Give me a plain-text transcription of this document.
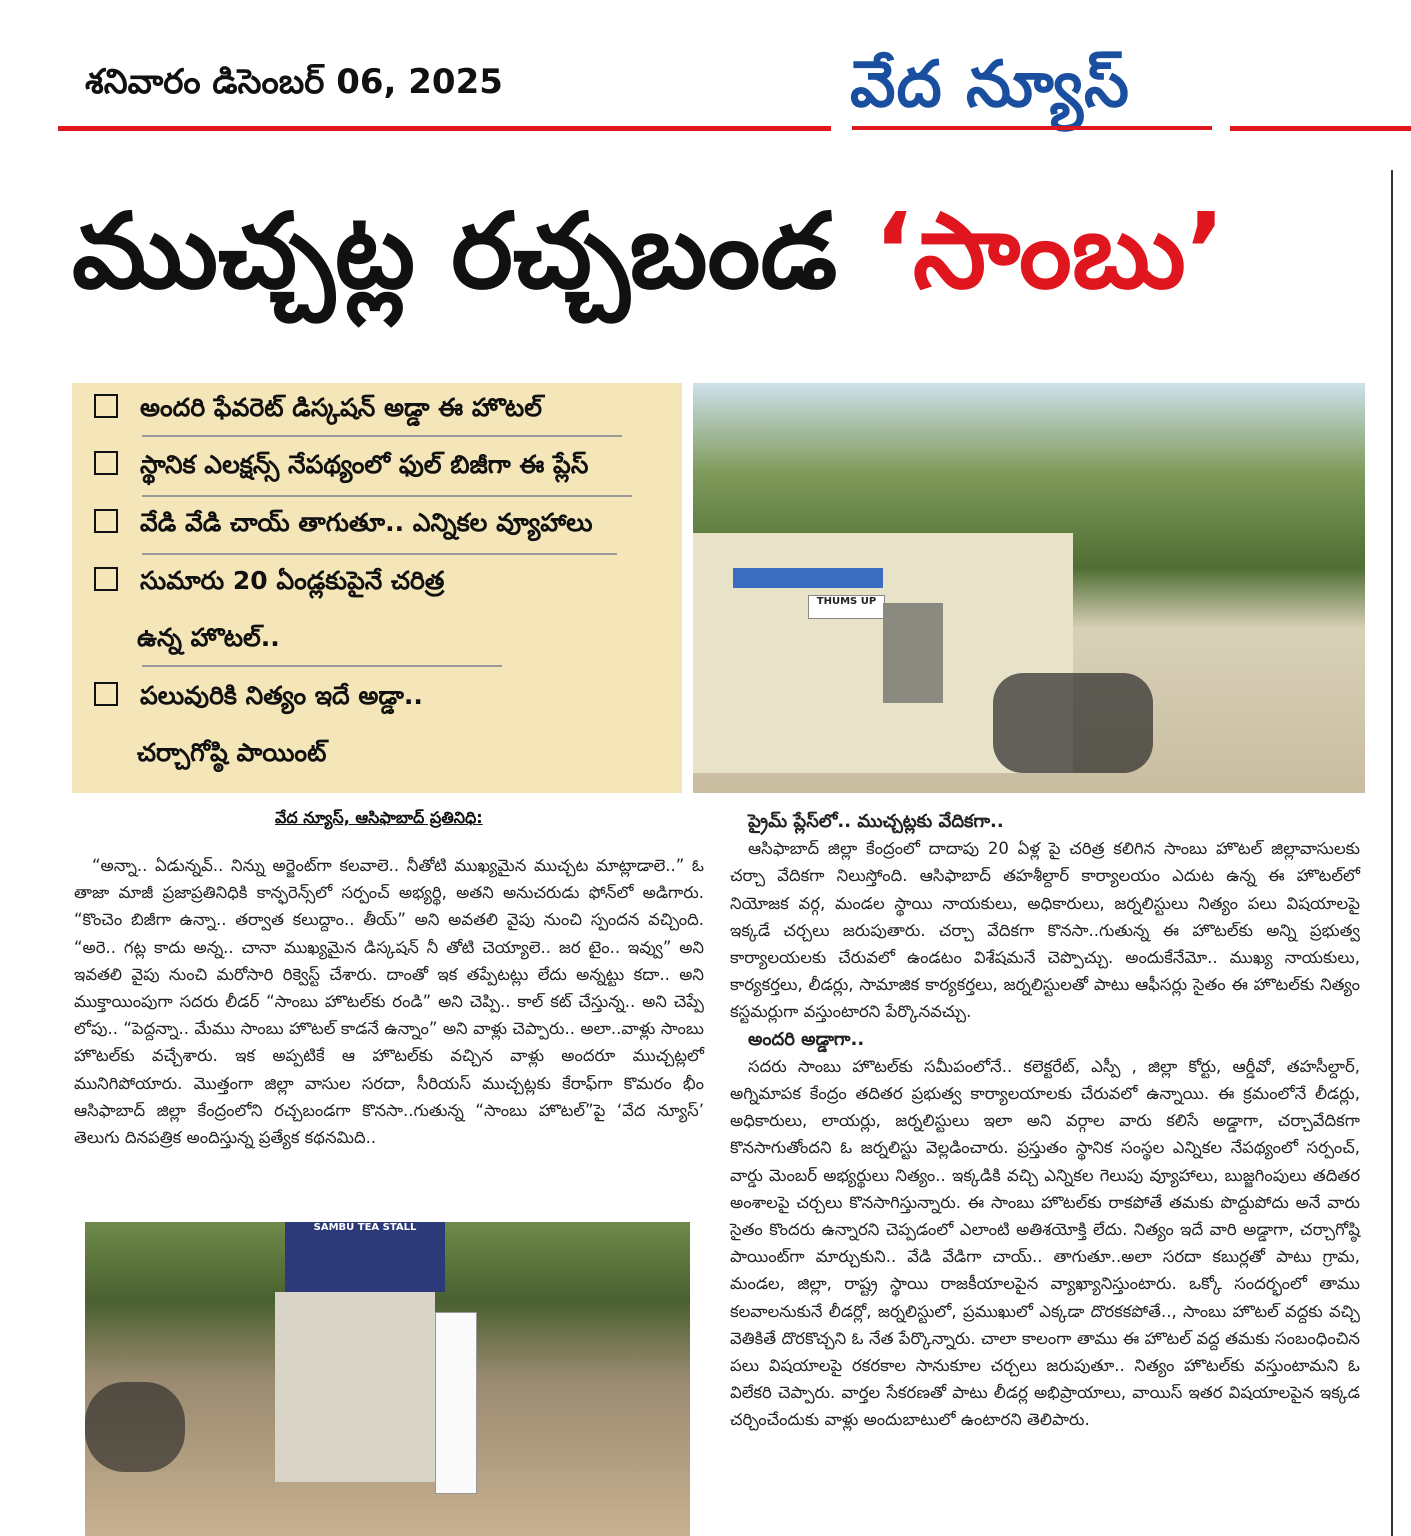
శనివారం డిసెంబర్ 06, 2025	వేద న్యూస్
ముచ్చట్ల రచ్చబండ ‘సాంబు’
అందరి ఫేవరెట్ డిస్కషన్ అడ్డా ఈ హొటల్
స్థానిక ఎలక్షన్స్ నేపథ్యంలో ఫుల్ బిజీగా ఈ ప్లేస్
వేడి వేడి చాయ్ తాగుతూ.. ఎన్నికల వ్యూహాలు
సుమారు 20 ఏండ్లకుపైనే చరిత్ర
ఉన్న హొటల్..
పలువురికి నిత్యం ఇదే అడ్డా..
చర్చాగోష్ఠి పాయింట్
THUMS UP
వేద న్యూస్, ఆసిఫాబాద్ ప్రతినిధి:

“అన్నా.. ఏడున్నవ్.. నిన్ను అర్జెంట్‌గా కలవాలె.. నీతోటి ముఖ్యమైన ముచ్చట మాట్లాడాలె..” ఓ తాజా మాజీ ప్రజాప్రతినిధికి కాన్ఫరెన్స్‌లో సర్పంచ్ అభ్యర్థి, అతని అనుచరుడు ఫోన్‌లో అడిగారు. “కొంచెం బిజీగా ఉన్నా.. తర్వాత కలుద్దాం.. తీయ్” అని అవతలి వైపు నుంచి స్పందన వచ్చింది. “అరె.. గట్ల కాదు అన్న.. చానా ముఖ్యమైన డిస్కషన్ నీ తోటి చెయ్యాలె.. జర టైం.. ఇవ్వు” అని ఇవతలి వైపు నుంచి మరోసారి రిక్వెస్ట్ చేశారు. దాంతో ఇక తప్పేటట్లు లేదు అన్నట్టు కదా.. అని ముక్తాయింపుగా సదరు లీడర్ “సాంబు హొటల్‌కు రండి” అని చెప్పి.. కాల్ కట్ చేస్తున్న.. అని చెప్పే లోపు.. “పెద్దన్నా.. మేము సాంబు హొటల్ కాడనే ఉన్నాం” అని వాళ్లు చెప్పారు.. అలా..వాళ్లు సాంబు హొటల్‌కు వచ్చేశారు. ఇక అప్పటికే ఆ హొటల్‌కు వచ్చిన వాళ్లు అందరూ ముచ్చట్లలో మునిగిపోయారు. మొత్తంగా జిల్లా వాసుల సరదా, సీరియస్ ముచ్చట్లకు కేరాఫ్‌గా కొమరం భీం ఆసిఫాబాద్ జిల్లా కేంద్రంలోని రచ్చబండగా కొనసా..గుతున్న “సాంబు హొటల్”పై ‘వేద న్యూస్’ తెలుగు దినపత్రిక అందిస్తున్న ప్రత్యేక కథనమిది..

SAMBU TEA STALL
ప్రైమ్ ప్లేస్‌లో.. ముచ్చట్లకు వేదికగా..

ఆసిఫాబాద్ జిల్లా కేంద్రంలో దాదాపు 20 ఏళ్ల పై చరిత్ర కలిగిన సాంబు హొటల్ జిల్లావాసులకు చర్చా వేదికగా నిలుస్తోంది. ఆసిఫాబాద్ తహశీల్దార్ కార్యాలయం ఎదుట ఉన్న ఈ హొటల్‌లో నియోజక వర్గ, మండల స్థాయి నాయకులు, అధికారులు, జర్నలిస్టులు నిత్యం పలు విషయాలపై ఇక్కడే చర్చలు జరుపుతారు. చర్చా వేదికగా కొనసా..గుతున్న ఈ హొటల్‌కు అన్ని ప్రభుత్వ కార్యాలయలకు చేరువలో ఉండటం విశేషమనే చెప్పొచ్చు. అందుకేనేమో.. ముఖ్య నాయకులు, కార్యకర్తలు, లీడర్లు, సామాజిక కార్యకర్తలు, జర్నలిస్టులతో పాటు ఆఫీసర్లు సైతం ఈ హొటల్‌కు నిత్యం కస్టమర్లుగా వస్తుంటారని పేర్కొనవచ్చు.

అందరి అడ్డాగా..

సదరు సాంబు హొటల్‌కు సమీపంలోనే.. కలెక్టరేట్, ఎస్పీ , జిల్లా కోర్టు, ఆర్డీవో, తహసీల్దార్, అగ్నిమాపక కేంద్రం తదితర ప్రభుత్వ కార్యాలయాలకు చేరువలో ఉన్నాయి. ఈ క్రమంలోనే లీడర్లు, అధికారులు, లాయర్లు, జర్నలిస్టులు ఇలా అని వర్గాల వారు కలిసే అడ్డాగా, చర్చావేదికగా కొనసాగుతోందని ఓ జర్నలిస్టు వెల్లడించారు. ప్రస్తుతం స్థానిక సంస్థల ఎన్నికల నేపథ్యంలో సర్పంచ్, వార్డు మెంబర్ అభ్యర్థులు నిత్యం.. ఇక్కడికి వచ్చి ఎన్నికల గెలుపు వ్యూహాలు, బుజ్జగింపులు తదితర అంశాలపై చర్చలు కొనసాగిస్తున్నారు. ఈ సాంబు హొటల్‌కు రాకపోతే తమకు పొద్దుపోదు అనే వారు సైతం కొందరు ఉన్నారని చెప్పడంలో ఎలాంటి అతిశయోక్తి లేదు. నిత్యం ఇదే వారి అడ్డాగా, చర్చాగోష్ఠి పాయింట్‌గా మార్చుకుని.. వేడి వేడిగా చాయ్.. తాగుతూ..అలా సరదా కబుర్లతో పాటు గ్రామ, మండల, జిల్లా, రాష్ట్ర స్థాయి రాజకీయాలపైన వ్యాఖ్యానిస్తుంటారు. ఒక్కో సందర్భంలో తాము కలవాలనుకునే లీడర్లో, జర్నలిస్టులో, ప్రముఖులో ఎక్కడా దొరకకపోతే.., సాంబు హొటల్ వద్దకు వచ్చి వెతికితే దొరకొచ్చని ఓ నేత పేర్కొన్నారు. చాలా కాలంగా తాము ఈ హొటల్ వద్ద తమకు సంబంధించిన పలు విషయాలపై రకరకాల సానుకూల చర్చలు జరుపుతూ.. నిత్యం హొటల్‌కు వస్తుంటామని ఓ విలేకరి చెప్పారు. వార్తల సేకరణతో పాటు లీడర్ల అభిప్రాయాలు, వాయిస్ ఇతర విషయాలపైన ఇక్కడ చర్చించేందుకు వాళ్లు అందుబాటులో ఉంటారని తెలిపారు.
